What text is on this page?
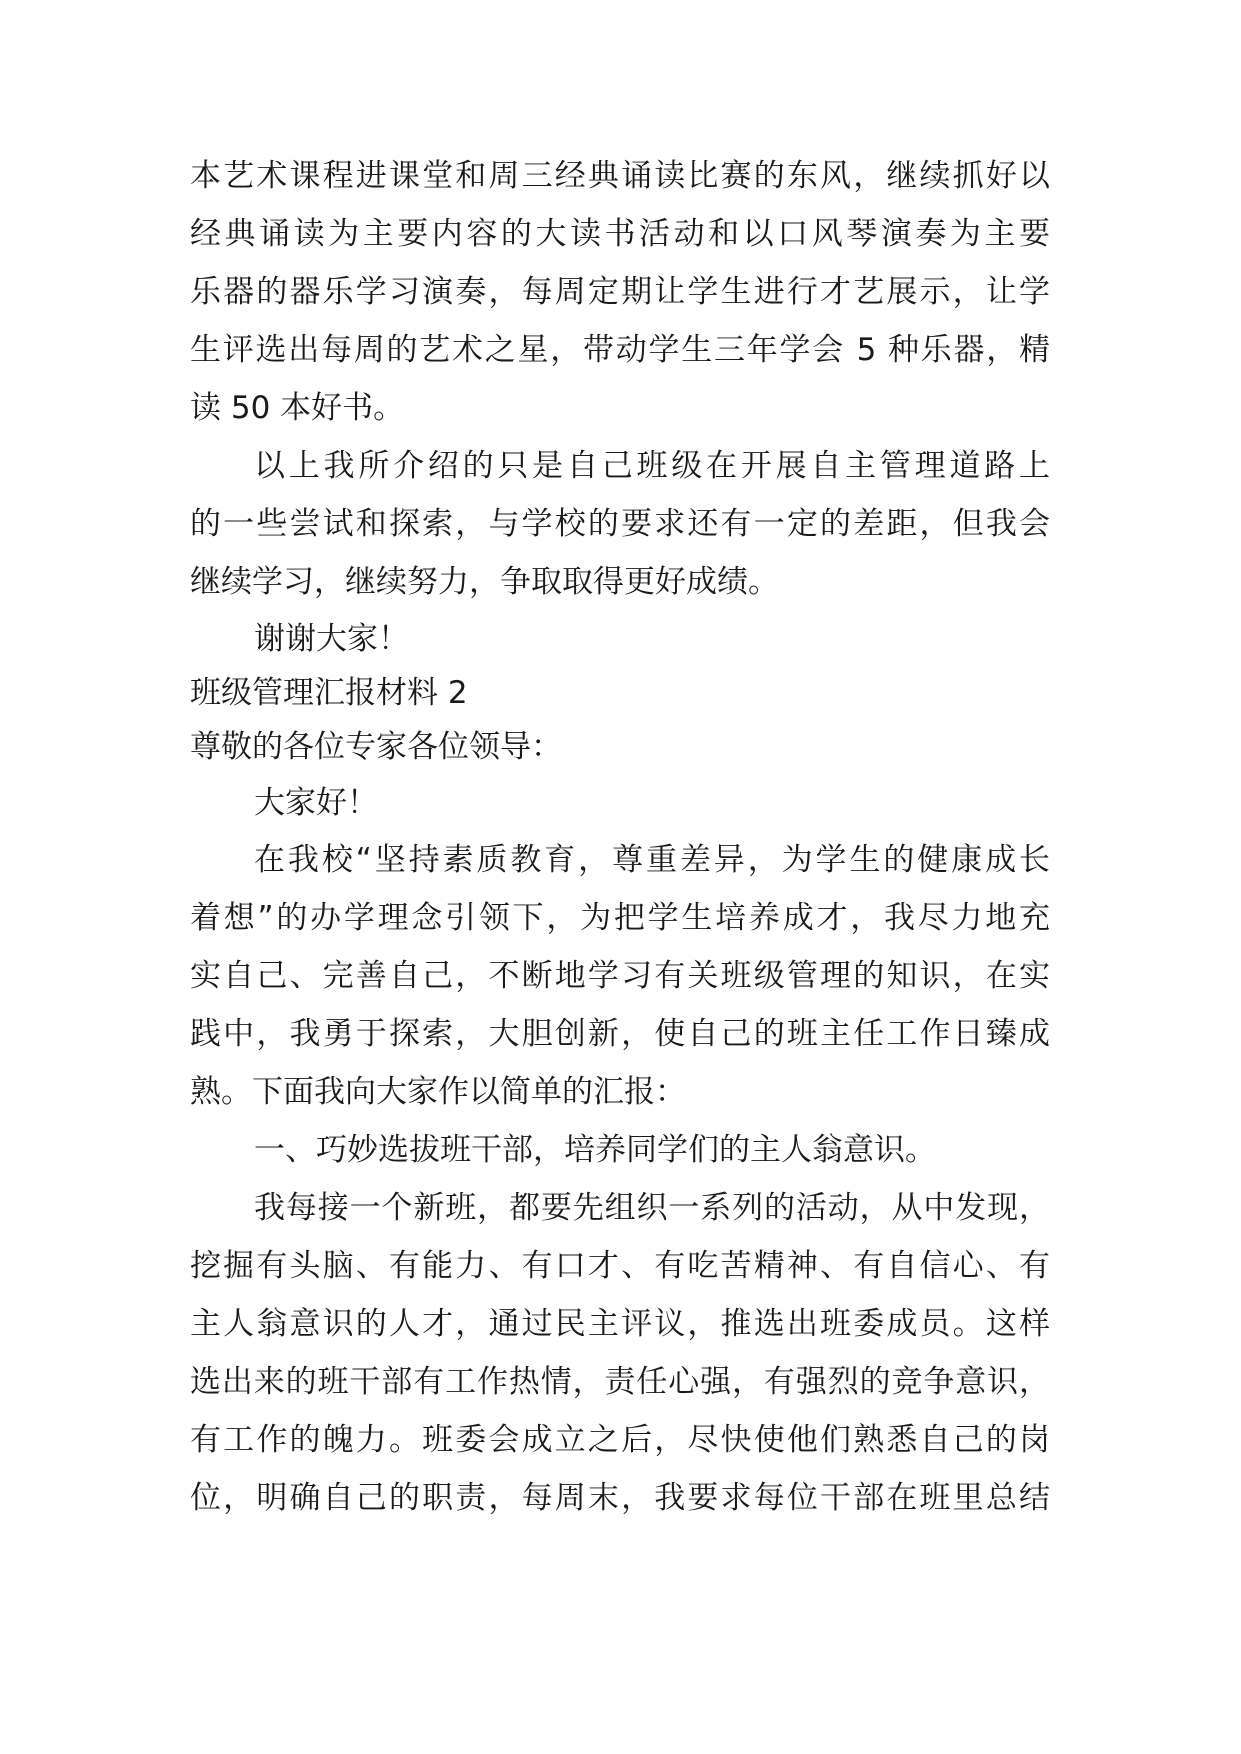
本艺术课程进课堂和周三经典诵读比赛的东风，继续抓好以
经典诵读为主要内容的大读书活动和以口风琴演奏为主要
乐器的器乐学习演奏，每周定期让学生进行才艺展示，让学
生评选出每周的艺术之星，带动学生三年学会 5 种乐器，精
读 50 本好书。
以上我所介绍的只是自己班级在开展自主管理道路上
的一些尝试和探索，与学校的要求还有一定的差距，但我会
继续学习，继续努力，争取取得更好成绩。
谢谢大家！
班级管理汇报材料 2
尊敬的各位专家各位领导：
大家好！
在我校“坚持素质教育，尊重差异，为学生的健康成长
着想”的办学理念引领下，为把学生培养成才，我尽力地充
实自己、完善自己，不断地学习有关班级管理的知识，在实
践中，我勇于探索，大胆创新，使自己的班主任工作日臻成
熟。下面我向大家作以简单的汇报：
一、巧妙选拔班干部，培养同学们的主人翁意识。
我每接一个新班，都要先组织一系列的活动，从中发现，
挖掘有头脑、有能力、有口才、有吃苦精神、有自信心、有
主人翁意识的人才，通过民主评议，推选出班委成员。这样
选出来的班干部有工作热情，责任心强，有强烈的竞争意识，
有工作的魄力。班委会成立之后，尽快使他们熟悉自己的岗
位，明确自己的职责，每周末，我要求每位干部在班里总结
